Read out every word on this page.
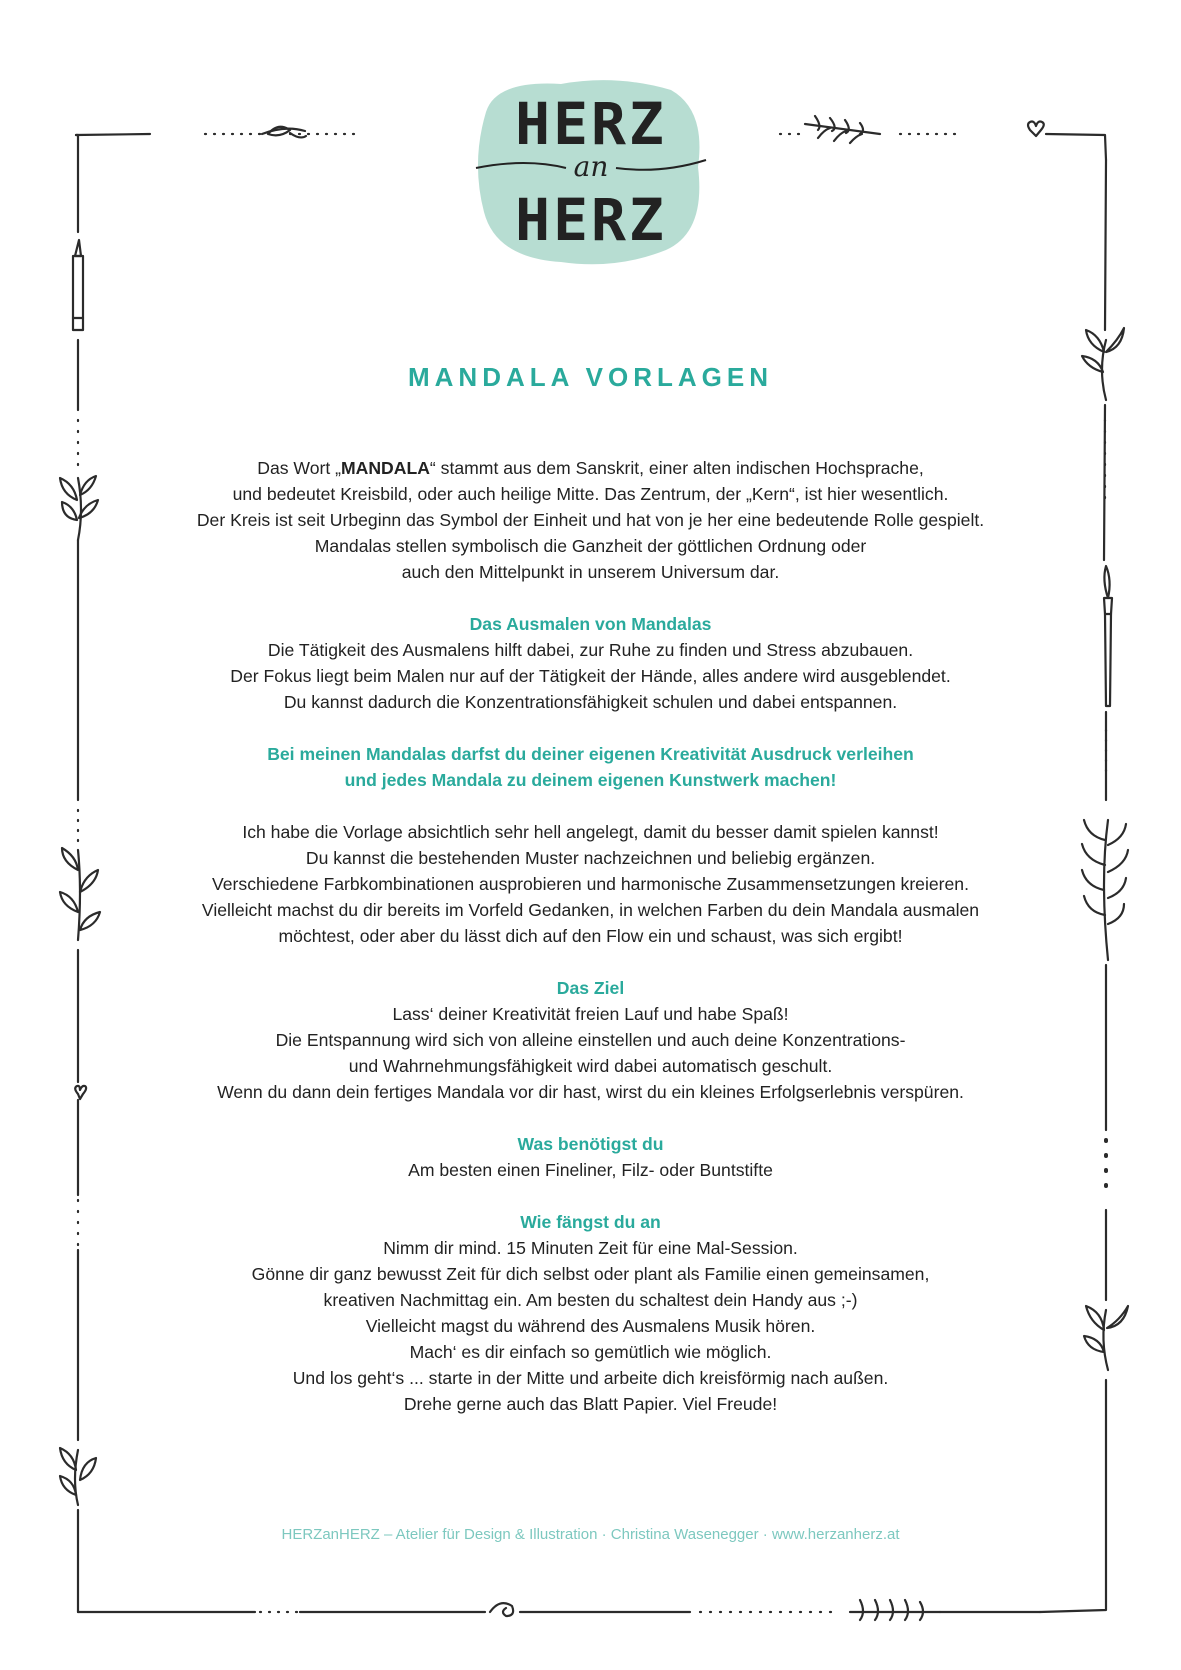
HERZ
an
HERZ
MANDALA VORLAGEN

Das Wort „MANDALA“ stammt aus dem Sanskrit, einer alten indischen Hochsprache,
und bedeutet Kreisbild, oder auch heilige Mitte. Das Zentrum, der „Kern“, ist hier wesentlich.
Der Kreis ist seit Urbeginn das Symbol der Einheit und hat von je her eine bedeutende Rolle gespielt.
Mandalas stellen symbolisch die Ganzheit der göttlichen Ordnung oder
auch den Mittelpunkt in unserem Universum dar.

Das Ausmalen von Mandalas

Die Tätigkeit des Ausmalens hilft dabei, zur Ruhe zu finden und Stress abzubauen.
Der Fokus liegt beim Malen nur auf der Tätigkeit der Hände, alles andere wird ausgeblendet.
Du kannst dadurch die Konzentrationsfähigkeit schulen und dabei entspannen.

Bei meinen Mandalas darfst du deiner eigenen Kreativität Ausdruck verleihen
und jedes Mandala zu deinem eigenen Kunstwerk machen!

Ich habe die Vorlage absichtlich sehr hell angelegt, damit du besser damit spielen kannst!
Du kannst die bestehenden Muster nachzeichnen und beliebig ergänzen.
Verschiedene Farbkombinationen ausprobieren und harmonische Zusammensetzungen kreieren.
Vielleicht machst du dir bereits im Vorfeld Gedanken, in welchen Farben du dein Mandala ausmalen
möchtest, oder aber du lässt dich auf den Flow ein und schaust, was sich ergibt!

Das Ziel

Lass‘ deiner Kreativität freien Lauf und habe Spaß!
Die Entspannung wird sich von alleine einstellen und auch deine Konzentrations-
und Wahrnehmungsfähigkeit wird dabei automatisch geschult.
Wenn du dann dein fertiges Mandala vor dir hast, wirst du ein kleines Erfolgserlebnis verspüren.

Was benötigst du

Am besten einen Fineliner, Filz- oder Buntstifte

Wie fängst du an

Nimm dir mind. 15 Minuten Zeit für eine Mal-Session.
Gönne dir ganz bewusst Zeit für dich selbst oder plant als Familie einen gemeinsamen,
kreativen Nachmittag ein. Am besten du schaltest dein Handy aus ;-)
Vielleicht magst du während des Ausmalens Musik hören.
Mach‘ es dir einfach so gemütlich wie möglich.
Und los geht‘s ... starte in der Mitte und arbeite dich kreisförmig nach außen.
Drehe gerne auch das Blatt Papier. Viel Freude!

HERZanHERZ – Atelier für Design & Illustration · Christina Wasenegger · www.herzanherz.at
